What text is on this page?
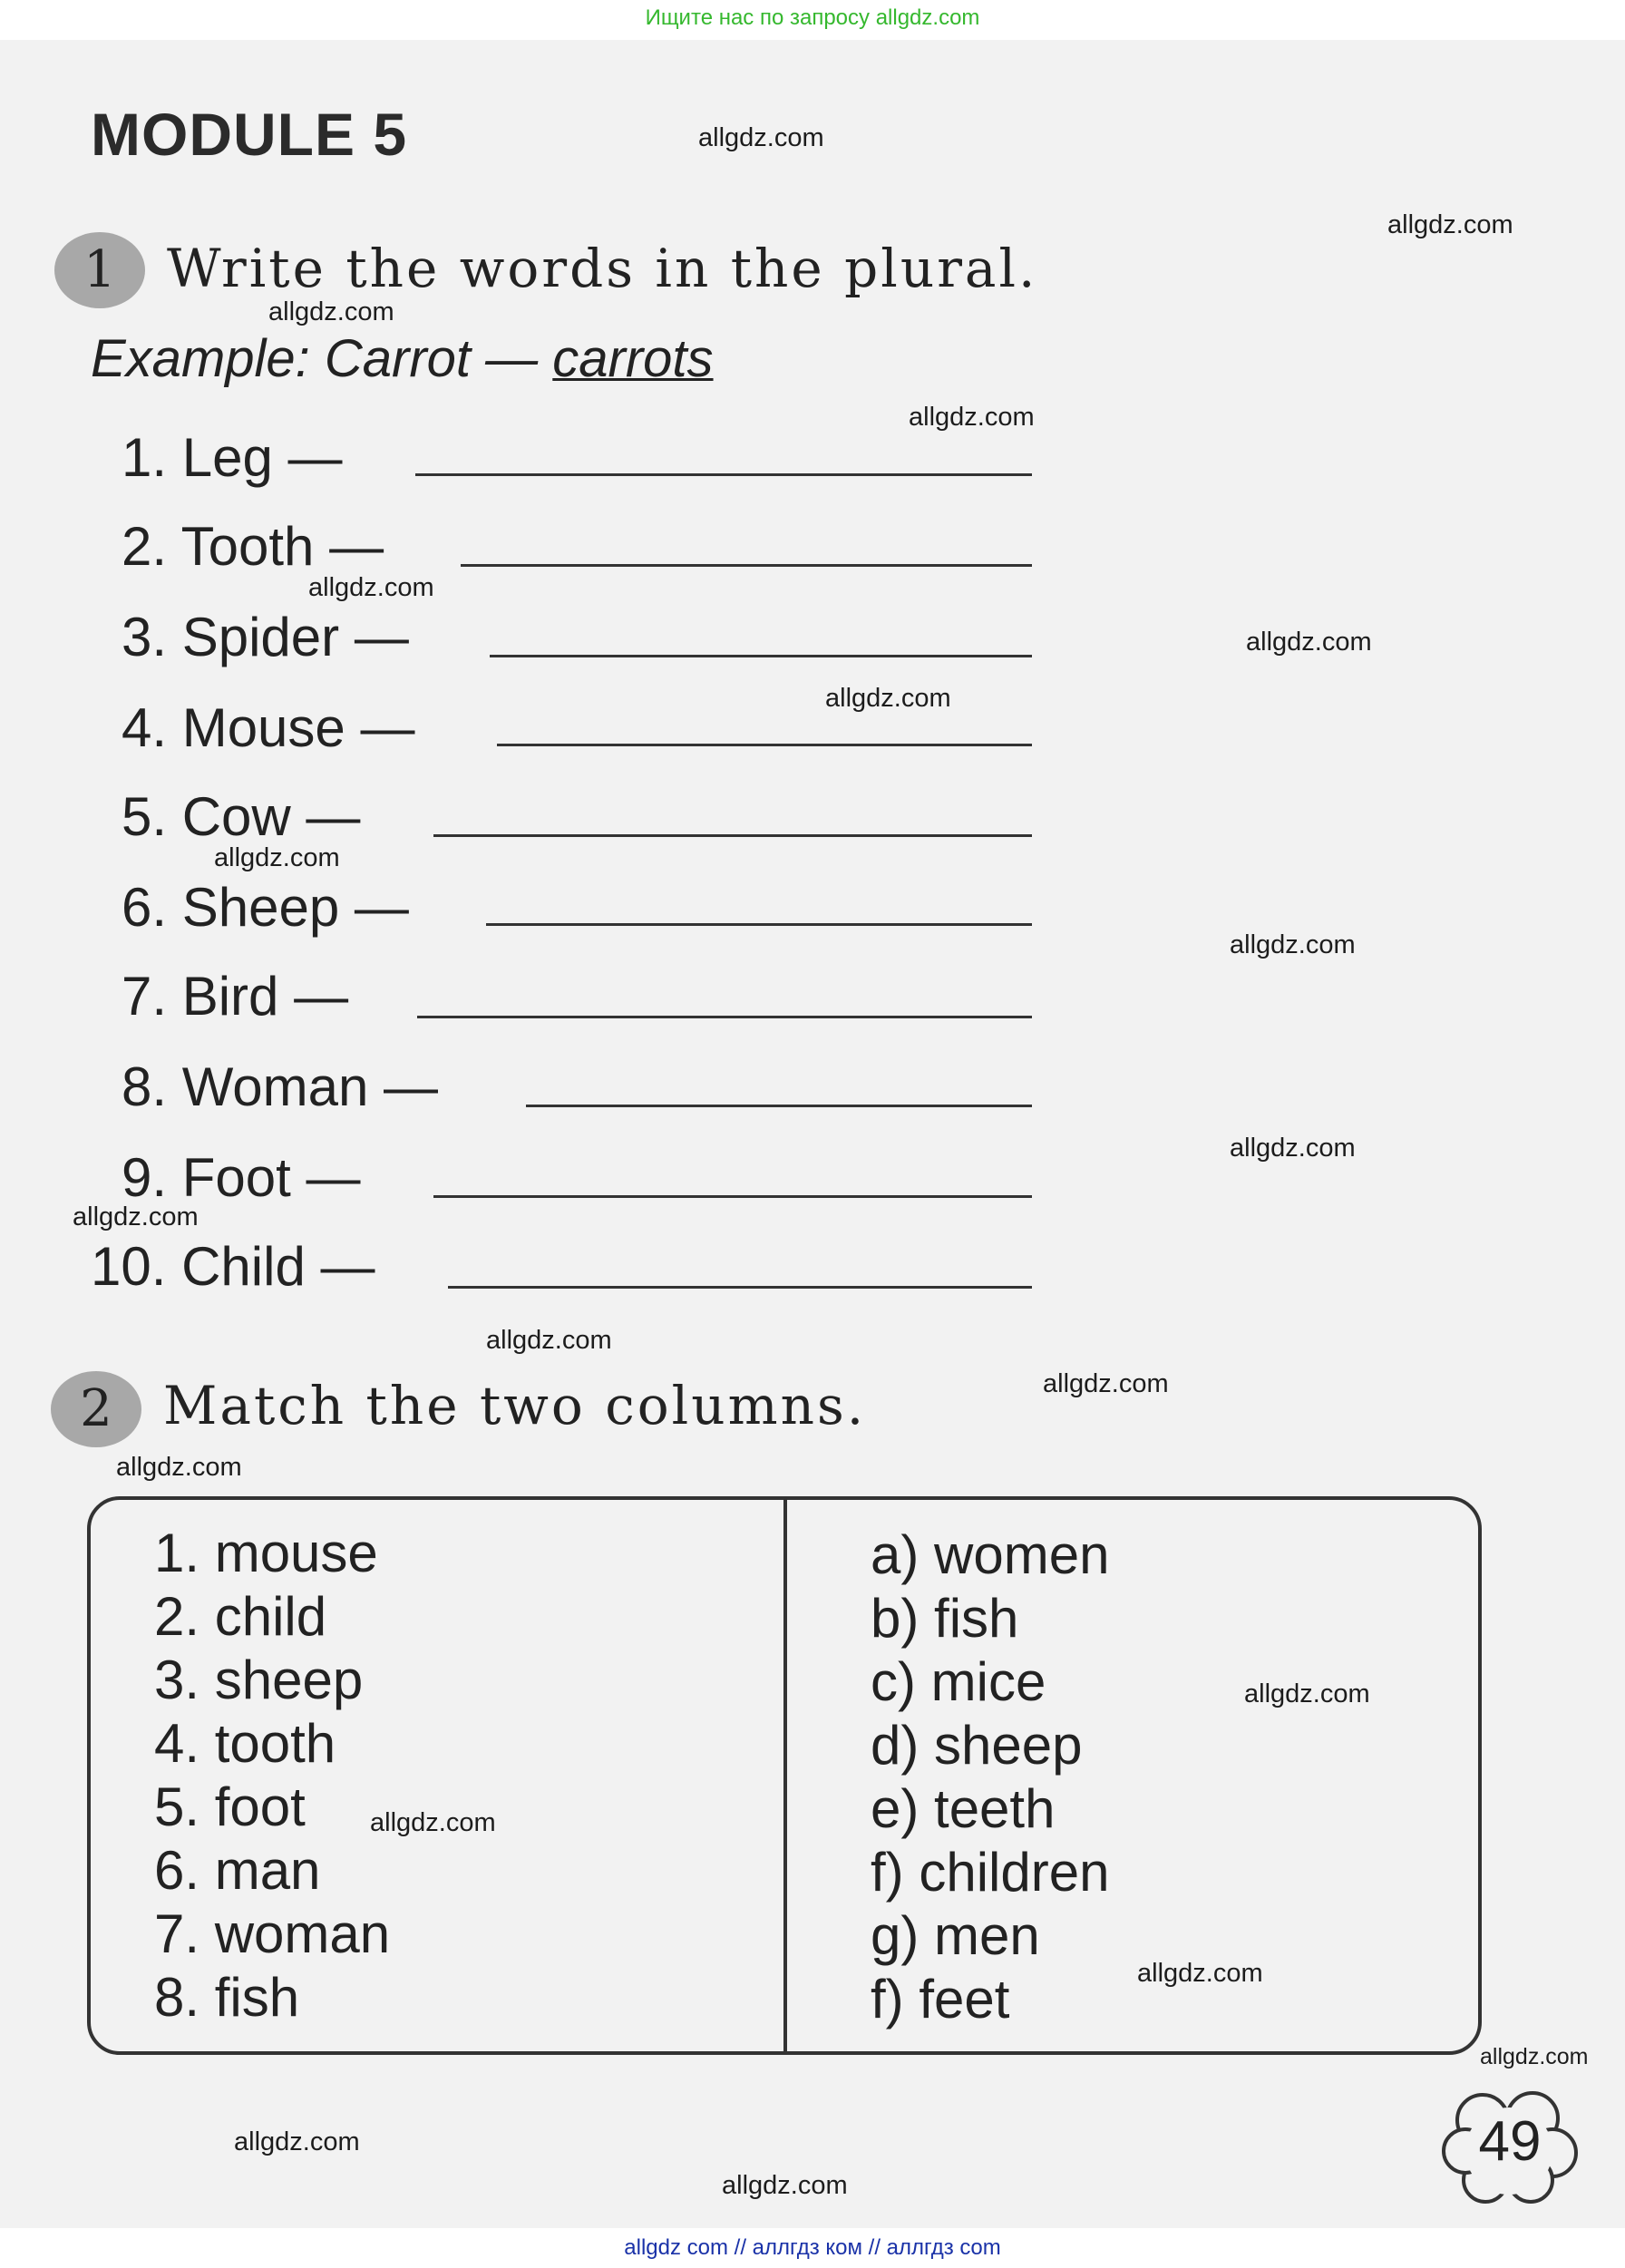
Ищите нас по запросу allgdz.com
MODULE 5
1 Write the words in the plural.
Example: Carrot — carrots
1. Leg —
2. Tooth —
3. Spider —
4. Mouse —
5. Cow —
6. Sheep —
7. Bird —
8. Woman —
9. Foot —
10. Child —
2 Match the two columns.
1. mouse
2. child
3. sheep
4. tooth
5. foot
6. man
7. woman
8. fish
a) women
b) fish
c) mice
d) sheep
e) teeth
f) children
g) men
f) feet
49
allgdz.com
allgdz.com
allgdz.com
allgdz.com
allgdz.com
allgdz.com
allgdz.com
allgdz.com
allgdz.com
allgdz.com
allgdz.com
allgdz.com
allgdz.com
allgdz.com
allgdz.com
allgdz.com
allgdz.com
allgdz.com
allgdz.com
allgdz.com
allgdz com // аллгдз ком // аллгдз com
